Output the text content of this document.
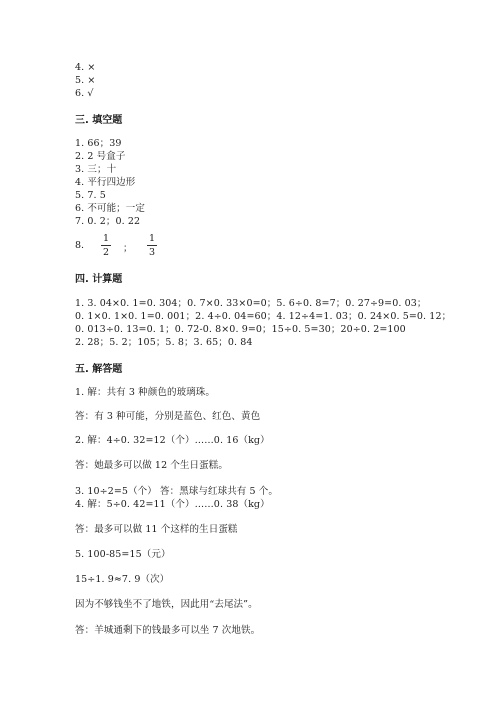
4. ×
5. ×
6. √
三. 填空题
1. 66；39
2. 2 号盒子
3. 三；十
4. 平行四边形
5. 7. 5
6. 不可能；一定
7. 0. 2；0. 22
8.
1
2 ；
1
3
四. 计算题
1. 3. 04×0. 1=0. 304；0. 7×0. 33×0=0；5. 6÷0. 8=7；0. 27÷9=0. 03；
0. 1×0. 1×0. 1=0. 001；2. 4÷0. 04=60；4. 12÷4=1. 03；0. 24×0. 5=0. 12；
0. 013÷0. 13=0. 1；0. 72-0. 8×0. 9=0；15÷0. 5=30；20÷0. 2=100
2. 28；5. 2；105；5. 8；3. 65；0. 84
五. 解答题
1. 解：共有 3 种颜色的玻璃珠。
答：有 3 种可能，分别是蓝色、红色、黄色
2. 解：4÷0. 32=12（个）……0. 16（kg）
答：她最多可以做 12 个生日蛋糕。
3. 10÷2=5（个） 答：黑球与红球共有 5 个。
4. 解：5÷0. 42=11（个）……0. 38（kg）
答：最多可以做 11 个这样的生日蛋糕
5. 100-85=15（元）
15÷1. 9≈7. 9（次）
因为不够钱坐不了地铁，因此用“去尾法”。
答：羊城通剩下的钱最多可以坐 7 次地铁。
